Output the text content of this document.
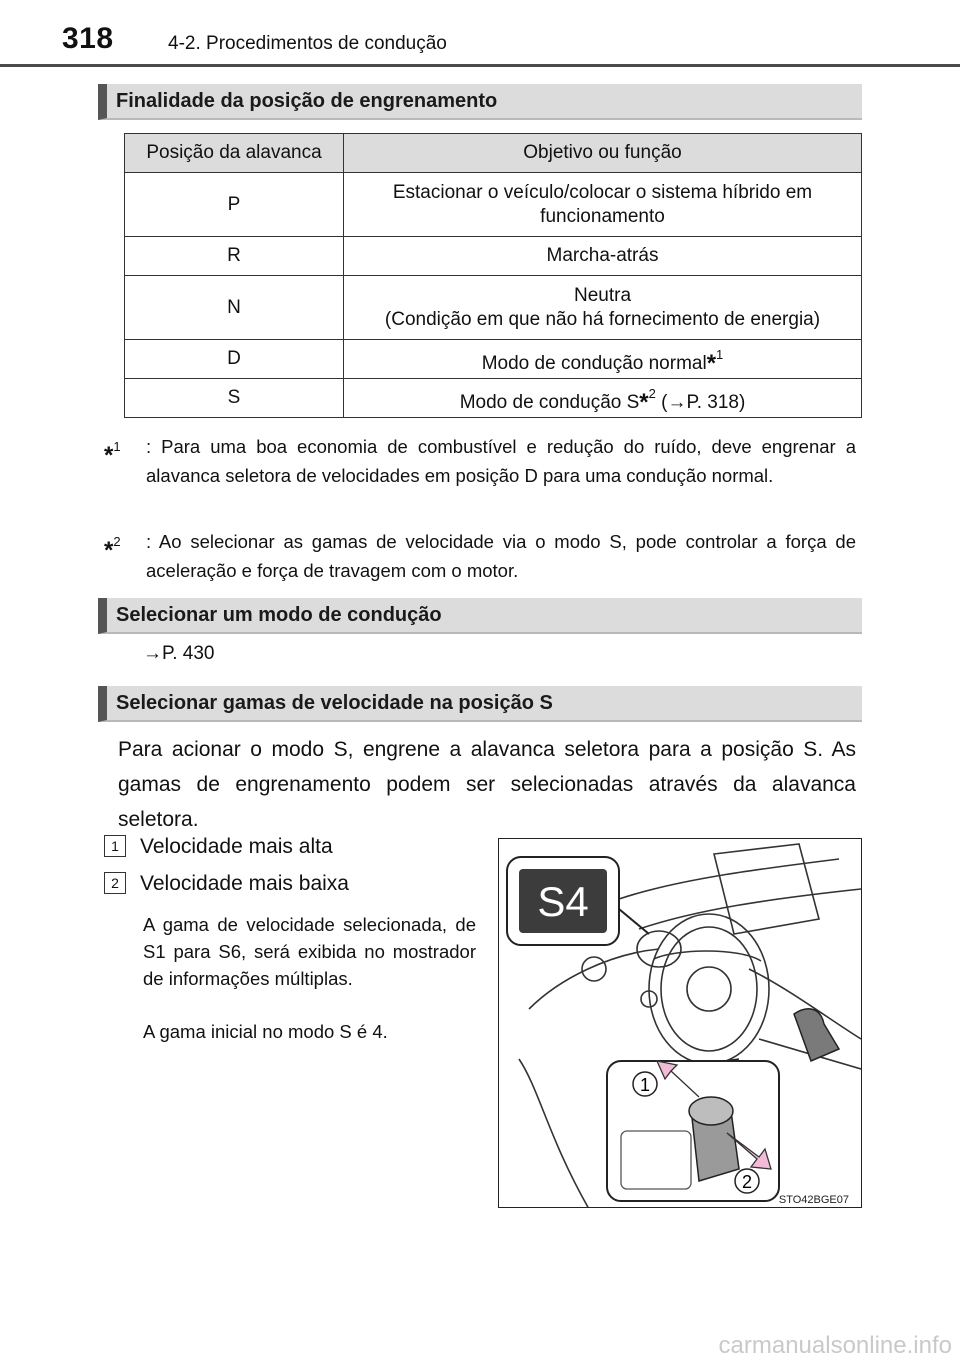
318	4-2. Procedimentos de condução
Finalidade da posição de engrenamento
Posição da alavanca	Objetivo ou função
P	Estacionar o veículo/colocar o sistema híbrido em
funcionamento
R	Marcha-atrás
N	Neutra
(Condição em que não há fornecimento de energia)
D	Modo de condução normal*$^1$
S	Modo de condução S*$^2$ (→P. 318)
*$^1$	: Para uma boa economia de combustível e redução do ruído, deve engrenar a alavanca seletora de velocidades em posição D para uma condução normal.
*$^2$	: Ao selecionar as gamas de velocidade via o modo S, pode controlar a força de aceleração e força de travagem com o motor.
Selecionar um modo de condução
→P. 430
Selecionar gamas de velocidade na posição S
Para acionar o modo S, engrene a alavanca seletora para a posição S. As gamas de engrenamento podem ser selecionadas através da alavanca seletora.
1 Velocidade mais alta
2 Velocidade mais baixa
A gama de velocidade selecionada, de S1 para S6, será exibida no mostrador de informações múltiplas.
A gama inicial no modo S é 4.
S4
1
2
STO42BGE07
carmanualsonline.info
